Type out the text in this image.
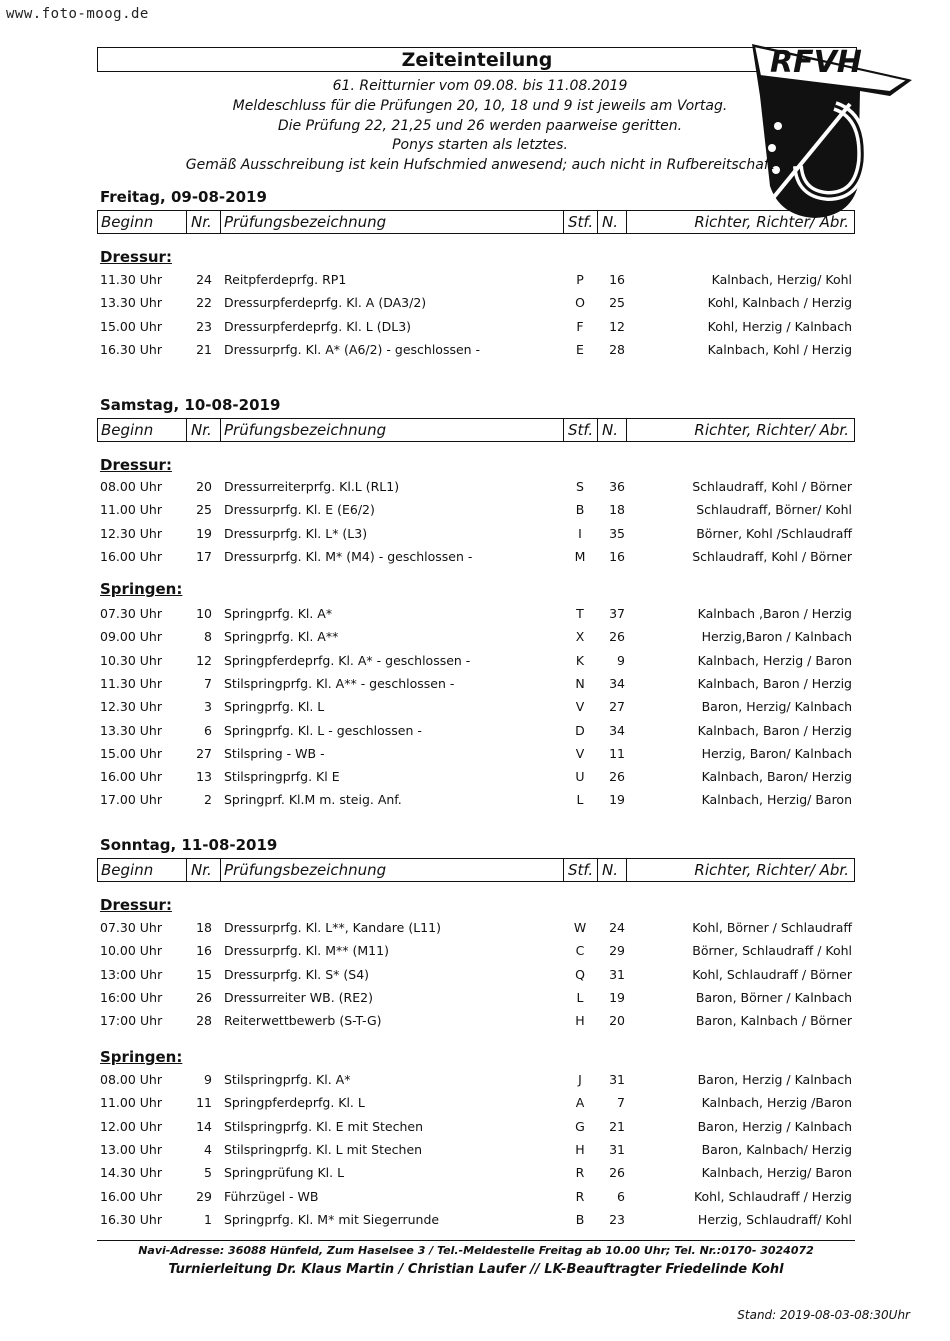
www.foto-moog.de
Zeiteinteilung	RFVH
61. Reitturnier vom 09.08. bis 11.08.2019
Meldeschluss für die Prüfungen 20, 10, 18 und 9 ist jeweils am Vortag.
Die Prüfung 22, 21,25 und 26 werden paarweise geritten.
Ponys starten als letztes.
Gemäß Ausschreibung ist kein Hufschmied anwesend; auch nicht in Rufbereitschaft
Freitag, 09-08-2019
Beginn	Nr. Prüfungsbezeichnung	Stf. N.	Richter, Richter/ Abr.
Dressur:
11.30 Uhr	24 Reitpferdeprfg. RP1	P	16	Kalnbach, Herzig/ Kohl
13.30 Uhr	22 Dressurpferdeprfg. Kl. A (DA3/2)	O	25	Kohl, Kalnbach / Herzig
15.00 Uhr	23 Dressurpferdeprfg. Kl. L (DL3)	F	12	Kohl, Herzig / Kalnbach
16.30 Uhr	21 Dressurprfg. Kl. A* (A6/2) - geschlossen -	E	28	Kalnbach, Kohl / Herzig
Samstag, 10-08-2019
Beginn	Nr. Prüfungsbezeichnung	Stf. N.	Richter, Richter/ Abr.
Dressur:
08.00 Uhr	20 Dressurreiterprfg. Kl.L (RL1)	S	36	Schlaudraff, Kohl / Börner
11.00 Uhr	25 Dressurprfg. Kl. E (E6/2)	B	18	Schlaudraff, Börner/ Kohl
12.30 Uhr	19 Dressurprfg. Kl. L* (L3)	I	35	Börner, Kohl /Schlaudraff
16.00 Uhr	17 Dressurprfg. Kl. M* (M4) - geschlossen -	M	16	Schlaudraff, Kohl / Börner
Springen:
07.30 Uhr	10 Springprfg. Kl. A*	T	37	Kalnbach ,Baron / Herzig
09.00 Uhr	8 Springprfg. Kl. A**	X	26	Herzig,Baron / Kalnbach
10.30 Uhr	12 Springpferdeprfg. Kl. A* - geschlossen -	K	9	Kalnbach, Herzig / Baron
11.30 Uhr	7 Stilspringprfg. Kl. A** - geschlossen -	N	34	Kalnbach, Baron / Herzig
12.30 Uhr	3 Springprfg. Kl. L	V	27	Baron, Herzig/ Kalnbach
13.30 Uhr	6 Springprfg. Kl. L - geschlossen -	D	34	Kalnbach, Baron / Herzig
15.00 Uhr	27 Stilspring - WB -	V	11	Herzig, Baron/ Kalnbach
16.00 Uhr	13 Stilspringprfg. Kl E	U	26	Kalnbach, Baron/ Herzig
17.00 Uhr	2 Springprf. Kl.M m. steig. Anf.	L	19	Kalnbach, Herzig/ Baron
Sonntag, 11-08-2019
Beginn	Nr. Prüfungsbezeichnung	Stf. N.	Richter, Richter/ Abr.
Dressur:
07.30 Uhr	18 Dressurprfg. Kl. L**, Kandare (L11)	W	24	Kohl, Börner / Schlaudraff
10.00 Uhr	16 Dressurprfg. Kl. M** (M11)	C	29	Börner, Schlaudraff / Kohl
13:00 Uhr	15 Dressurprfg. Kl. S* (S4)	Q	31	Kohl, Schlaudraff / Börner
16:00 Uhr	26 Dressurreiter WB. (RE2)	L	19	Baron, Börner / Kalnbach
17:00 Uhr	28 Reiterwettbewerb (S-T-G)	H	20	Baron, Kalnbach / Börner
Springen:
08.00 Uhr	9 Stilspringprfg. Kl. A*	J	31	Baron, Herzig / Kalnbach
11.00 Uhr	11 Springpferdeprfg. Kl. L	A	7	Kalnbach, Herzig /Baron
12.00 Uhr	14 Stilspringprfg. Kl. E mit Stechen	G	21	Baron, Herzig / Kalnbach
13.00 Uhr	4 Stilspringprfg. Kl. L mit Stechen	H	31	Baron, Kalnbach/ Herzig
14.30 Uhr	5 Springprüfung Kl. L	R	26	Kalnbach, Herzig/ Baron
16.00 Uhr	29 Führzügel - WB	R	6	Kohl, Schlaudraff / Herzig
16.30 Uhr	1 Springprfg. Kl. M* mit Siegerrunde	B	23	Herzig, Schlaudraff/ Kohl
Navi-Adresse: 36088 Hünfeld, Zum Haselsee 3 / Tel.-Meldestelle Freitag ab 10.00 Uhr; Tel. Nr.:0170- 3024072
Turnierleitung Dr. Klaus Martin / Christian Laufer // LK-Beauftragter Friedelinde Kohl
Stand: 2019-08-03-08:30Uhr
